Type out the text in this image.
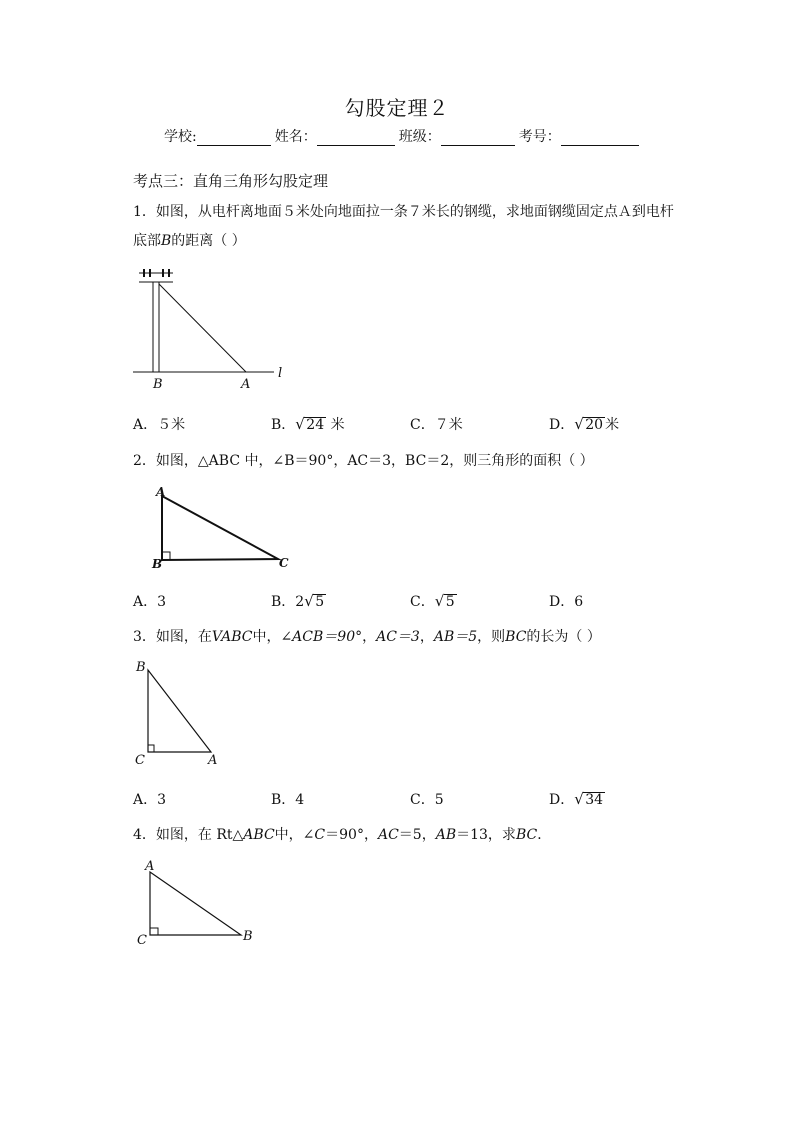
勾股定理２
学校:	姓名：	班级：	考号：
考点三：直角三角形勾股定理
1．如图，从电杆离地面５米处向地面拉一条７米长的钢缆，求地面钢缆固定点Ａ到电杆
底部B的距离（ ）
B	A
l
A．５米	B． √ 24 米	C．７米	D． √ 20 米
2．如图，△ABC 中，∠B＝90°，AC＝3，BC＝2，则三角形的面积（ ）
A
B	C
A．3	B．2 √ 5	C． √ 5	D．6
3．如图，在VABC中，∠ACB＝90°，AC＝3，AB＝5，则BC的长为（ ）
B
C	A
A．3	B．4	C．5	D． √ 34
4．如图，在 Rt△ABC中，∠C＝90°，AC＝5，AB＝13，求BC．
A
C	B
